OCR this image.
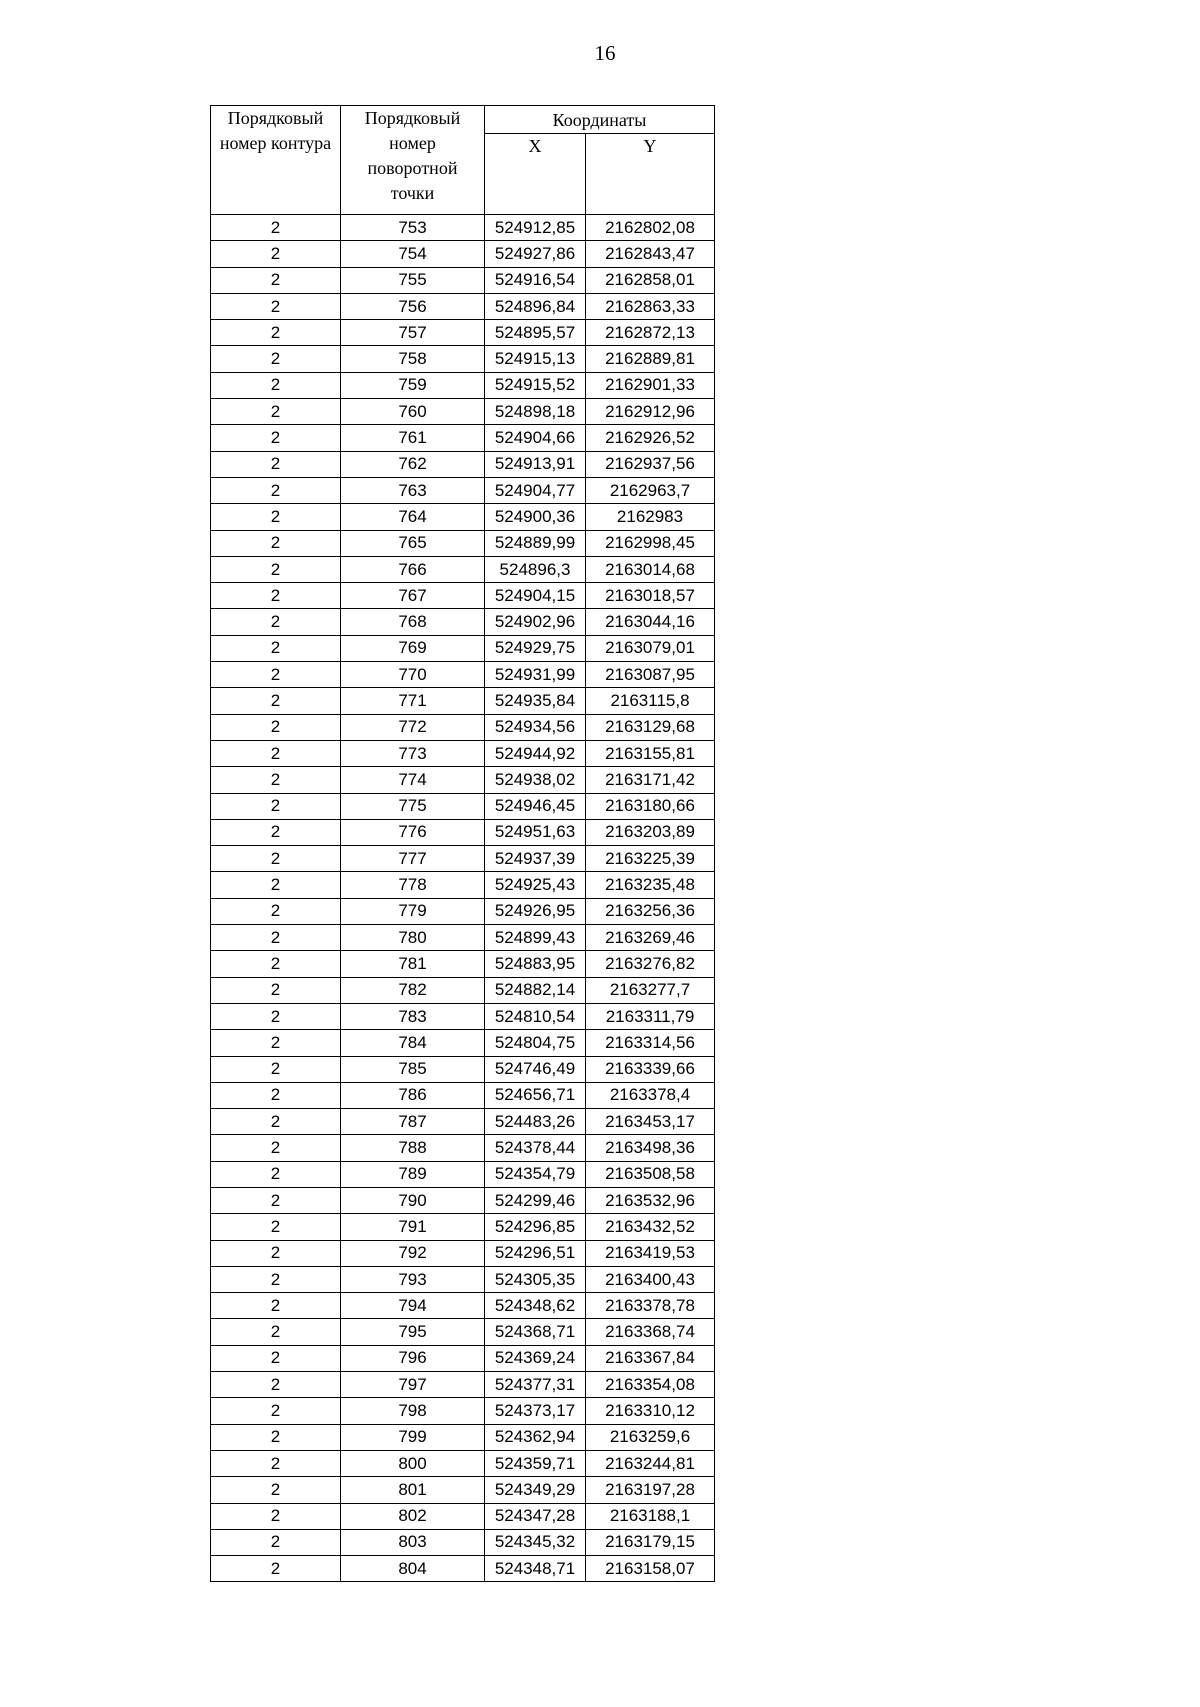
16
Порядковый
номер контура	Порядковый
номер
поворотной
точки	Координаты	
		X	Y
2	753	524912,85	2162802,08
2	754	524927,86	2162843,47
2	755	524916,54	2162858,01
2	756	524896,84	2162863,33
2	757	524895,57	2162872,13
2	758	524915,13	2162889,81
2	759	524915,52	2162901,33
2	760	524898,18	2162912,96
2	761	524904,66	2162926,52
2	762	524913,91	2162937,56
2	763	524904,77	2162963,7
2	764	524900,36	2162983
2	765	524889,99	2162998,45
2	766	524896,3	2163014,68
2	767	524904,15	2163018,57
2	768	524902,96	2163044,16
2	769	524929,75	2163079,01
2	770	524931,99	2163087,95
2	771	524935,84	2163115,8
2	772	524934,56	2163129,68
2	773	524944,92	2163155,81
2	774	524938,02	2163171,42
2	775	524946,45	2163180,66
2	776	524951,63	2163203,89
2	777	524937,39	2163225,39
2	778	524925,43	2163235,48
2	779	524926,95	2163256,36
2	780	524899,43	2163269,46
2	781	524883,95	2163276,82
2	782	524882,14	2163277,7
2	783	524810,54	2163311,79
2	784	524804,75	2163314,56
2	785	524746,49	2163339,66
2	786	524656,71	2163378,4
2	787	524483,26	2163453,17
2	788	524378,44	2163498,36
2	789	524354,79	2163508,58
2	790	524299,46	2163532,96
2	791	524296,85	2163432,52
2	792	524296,51	2163419,53
2	793	524305,35	2163400,43
2	794	524348,62	2163378,78
2	795	524368,71	2163368,74
2	796	524369,24	2163367,84
2	797	524377,31	2163354,08
2	798	524373,17	2163310,12
2	799	524362,94	2163259,6
2	800	524359,71	2163244,81
2	801	524349,29	2163197,28
2	802	524347,28	2163188,1
2	803	524345,32	2163179,15
2	804	524348,71	2163158,07
